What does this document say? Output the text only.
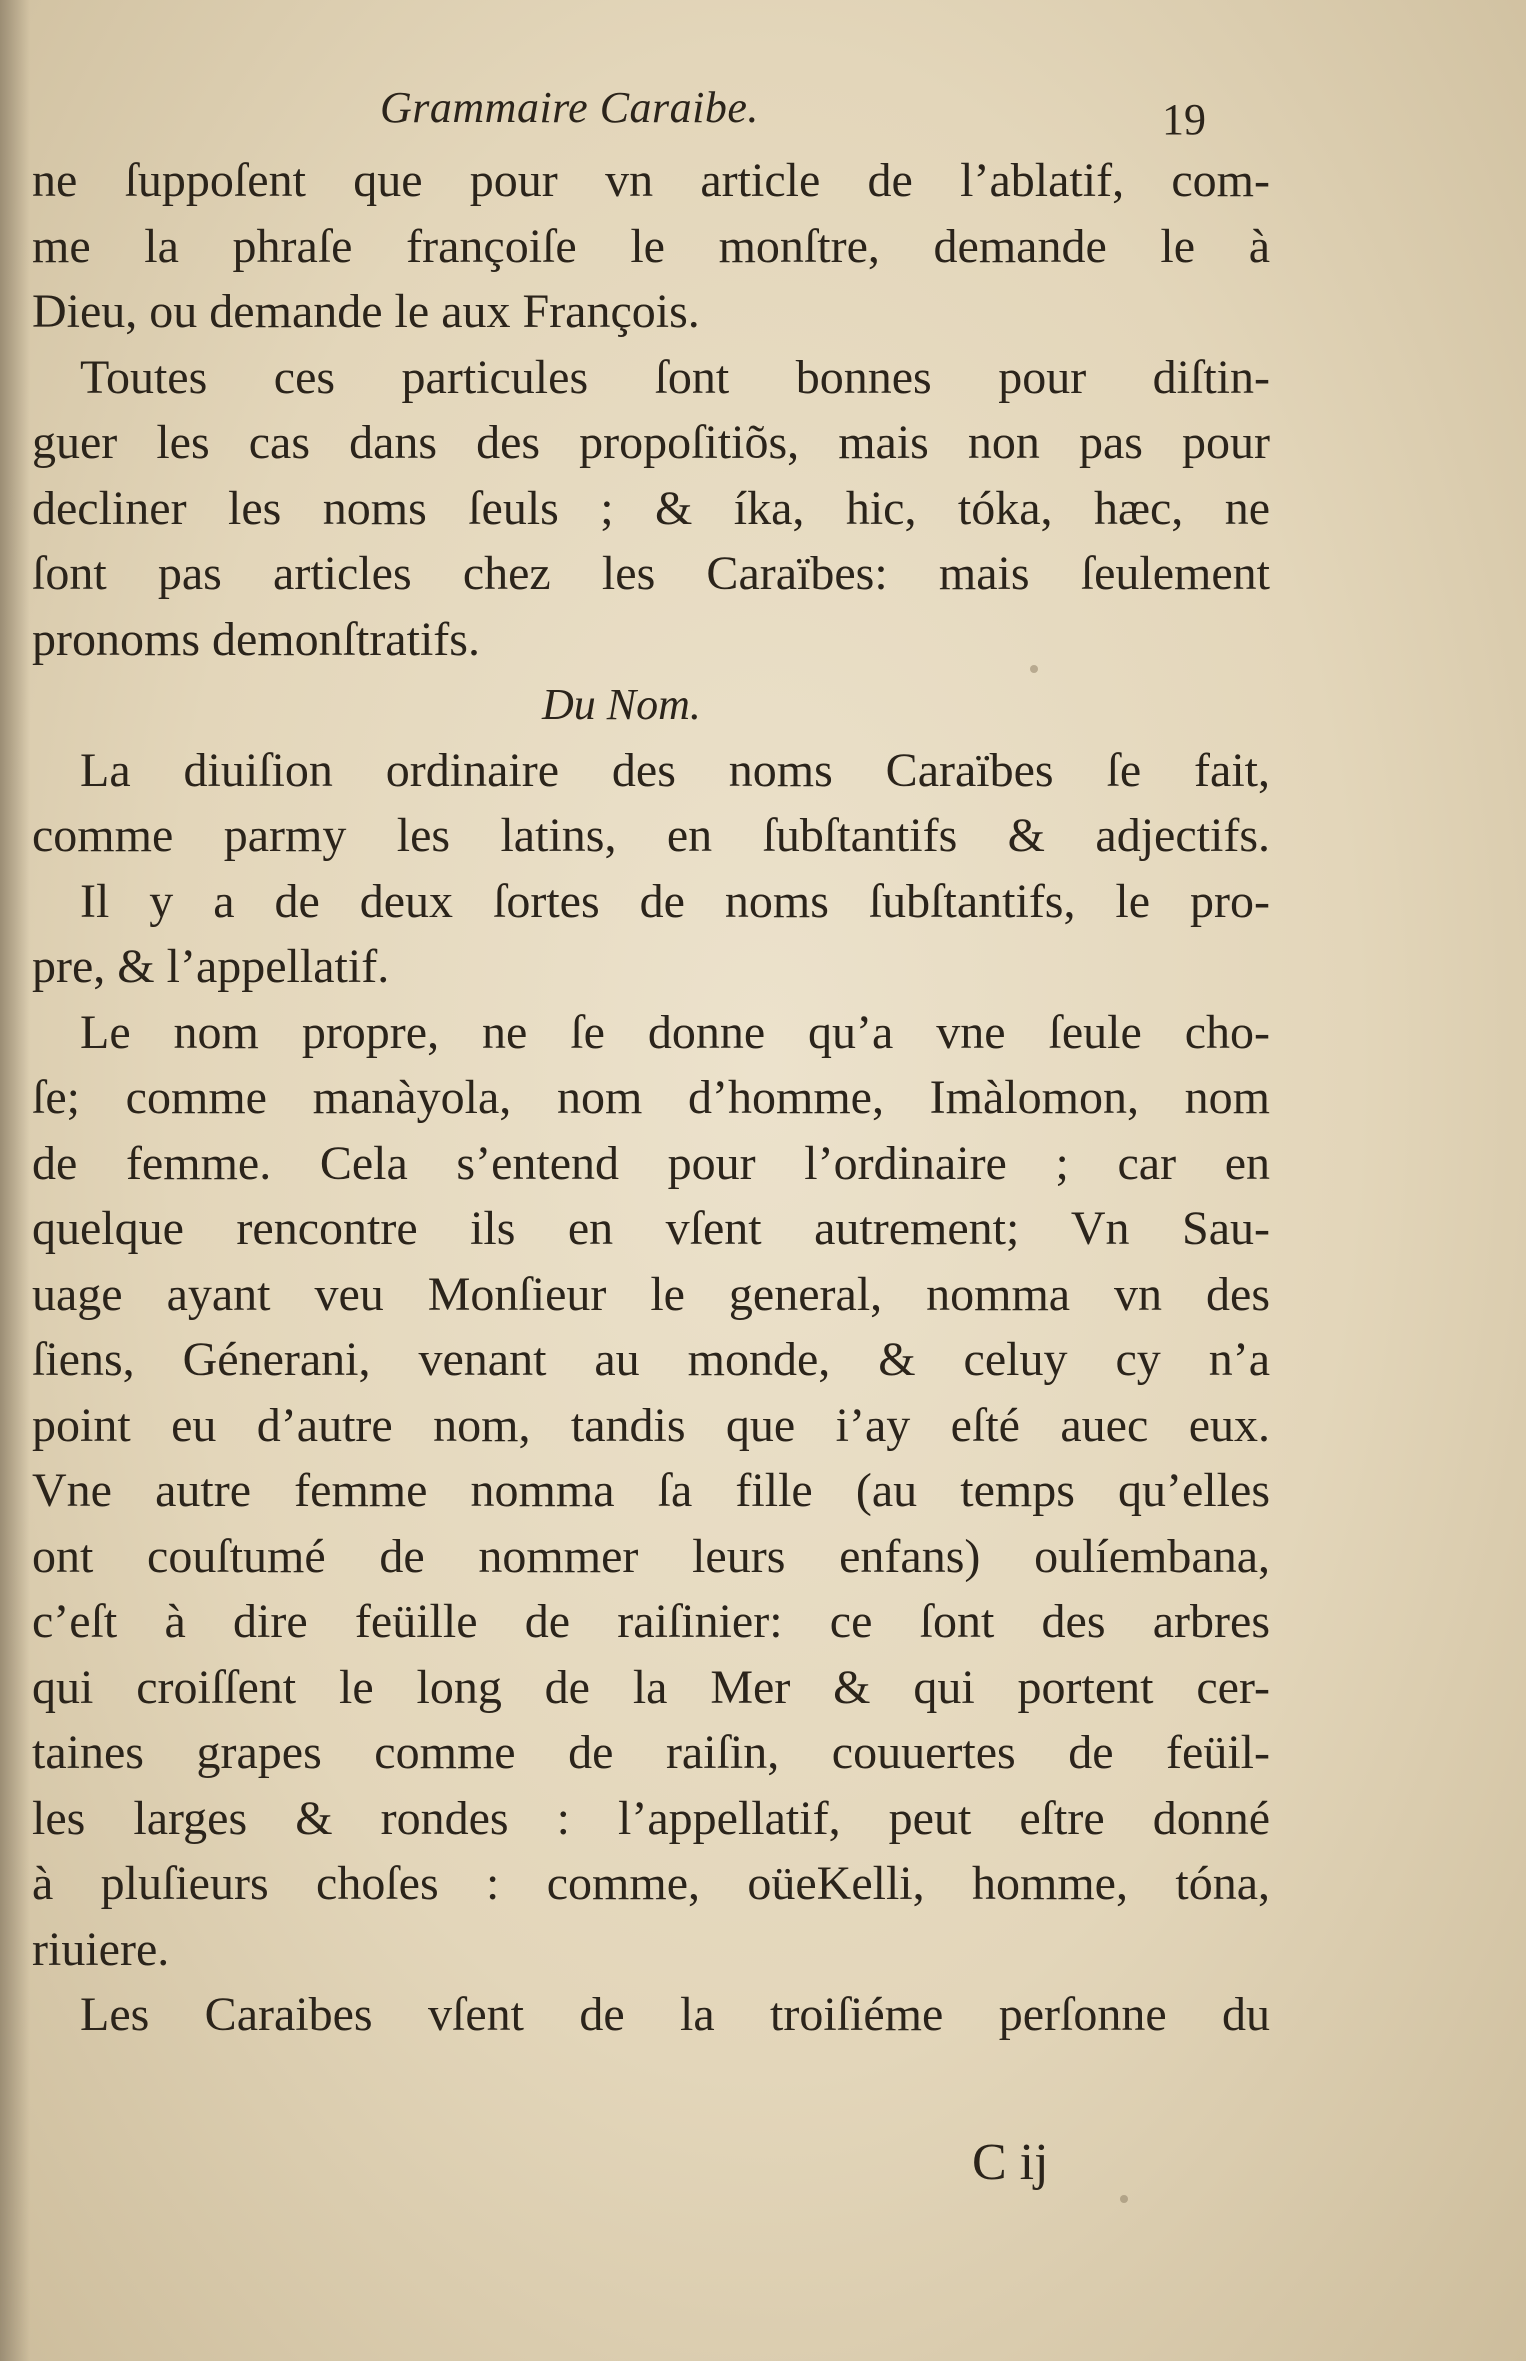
Grammaire Caraibe.	19
ne ſuppoſent que pour vn article de l’ablatif, com-
me la phraſe françoiſe le monſtre, demande le à
Dieu, ou demande le aux François.
Toutes ces particules ſont bonnes pour diſtin-
guer les cas dans des propoſitiõs, mais non pas pour
decliner les noms ſeuls ; & íka, hic, tóka, hæc, ne
ſont pas articles chez les Caraïbes: mais ſeulement
pronoms demonſtratifs.
Du Nom.
La diuiſion ordinaire des noms Caraïbes ſe fait,
comme parmy les latins, en ſubſtantifs & adjectifs.
Il y a de deux ſortes de noms ſubſtantifs, le pro-
pre, & l’appellatif.
Le nom propre, ne ſe donne qu’a vne ſeule cho-
ſe; comme manàyola, nom d’homme, Imàlomon, nom
de femme. Cela s’entend pour l’ordinaire ; car en
quelque rencontre ils en vſent autrement; Vn Sau-
uage ayant veu Monſieur le general, nomma vn des
ſiens, Génerani, venant au monde, & celuy cy n’a
point eu d’autre nom, tandis que i’ay eſté auec eux.
Vne autre femme nomma ſa fille (au temps qu’elles
ont couſtumé de nommer leurs enfans) oulíembana,
c’eſt à dire feüille de raiſinier: ce ſont des arbres
qui croiſſent le long de la Mer & qui portent cer-
taines grapes comme de raiſin, couuertes de feüil-
les larges & rondes : l’appellatif, peut eſtre donné
à pluſieurs choſes : comme, oüeKelli, homme, tóna,
riuiere.
Les Caraibes vſent de la troiſiéme perſonne du
C ij
